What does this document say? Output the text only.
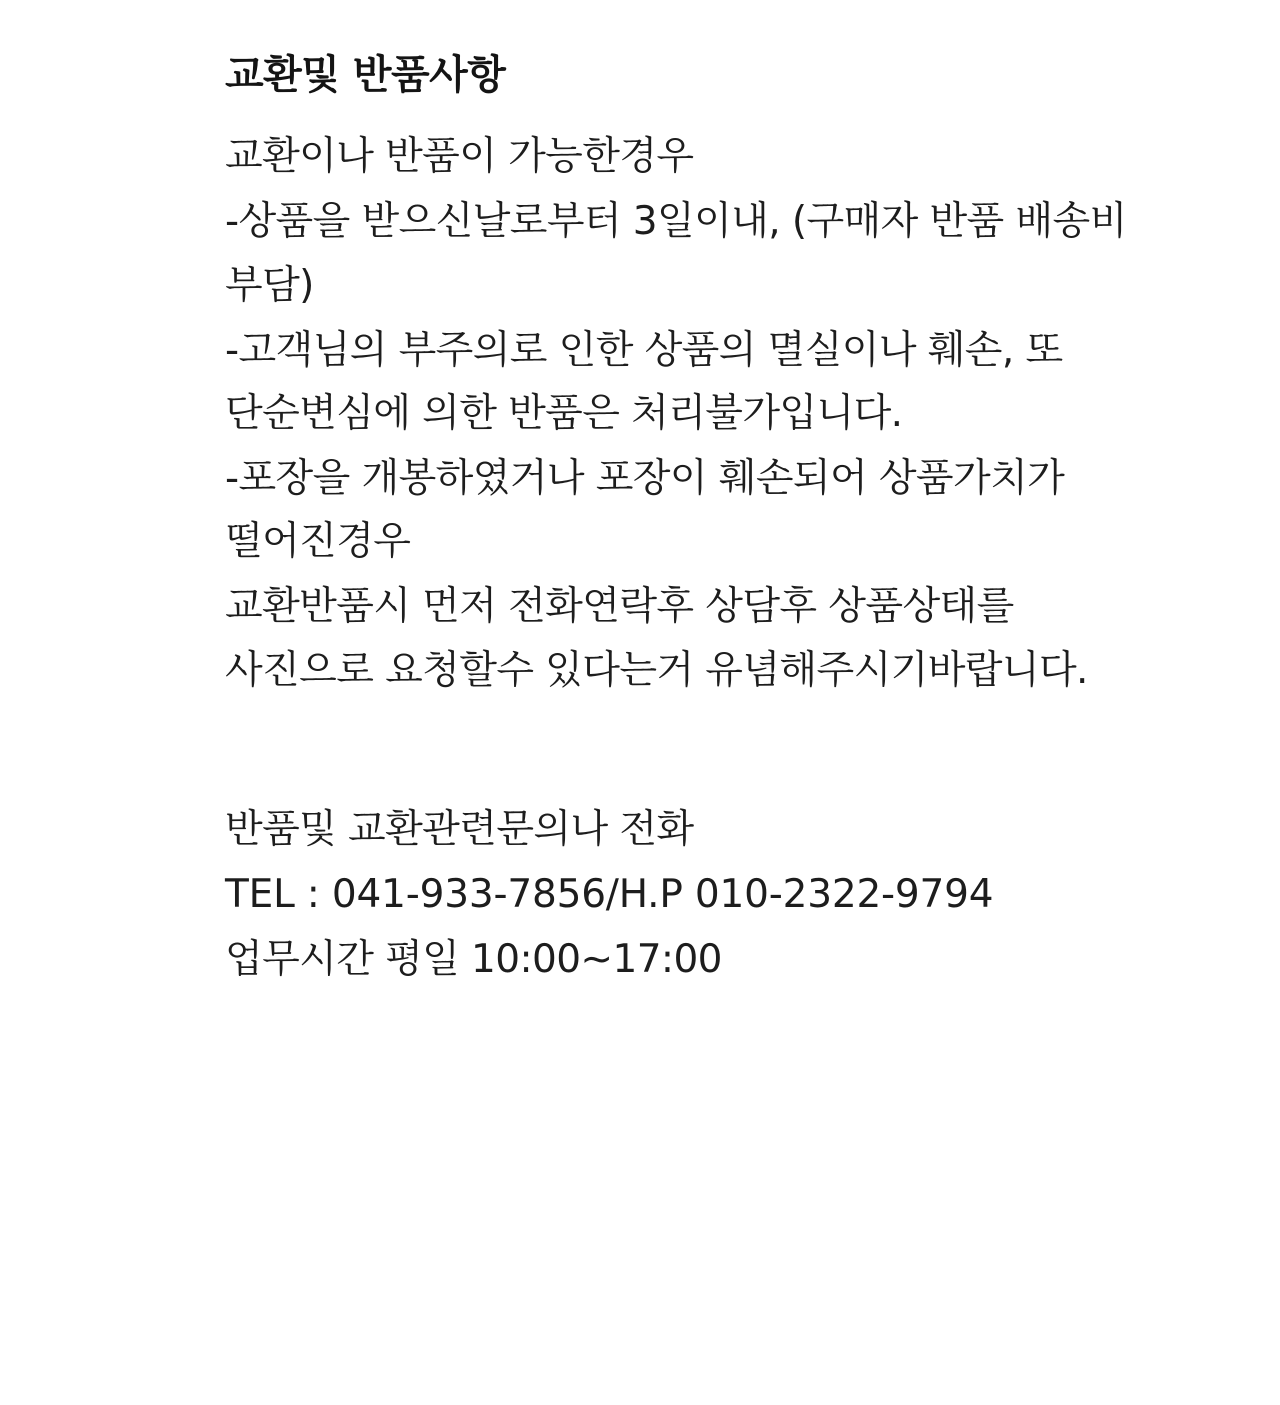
교환및 반품사항

교환이나 반품이 가능한경우

-상품을 받으신날로부터 3일이내, (구매자 반품 배송비 부담)

-고객님의 부주의로 인한 상품의 멸실이나 훼손, 또 단순변심에 의한 반품은 처리불가입니다.

-포장을 개봉하였거나 포장이 훼손되어 상품가치가 떨어진경우

교환반품시 먼저 전화연락후 상담후 상품상태를 사진으로 요청할수 있다는거 유념해주시기바랍니다.

반품및 교환관련문의나 전화

TEL : 041-933-7856/H.P 010-2322-9794

업무시간 평일 10:00~17:00
